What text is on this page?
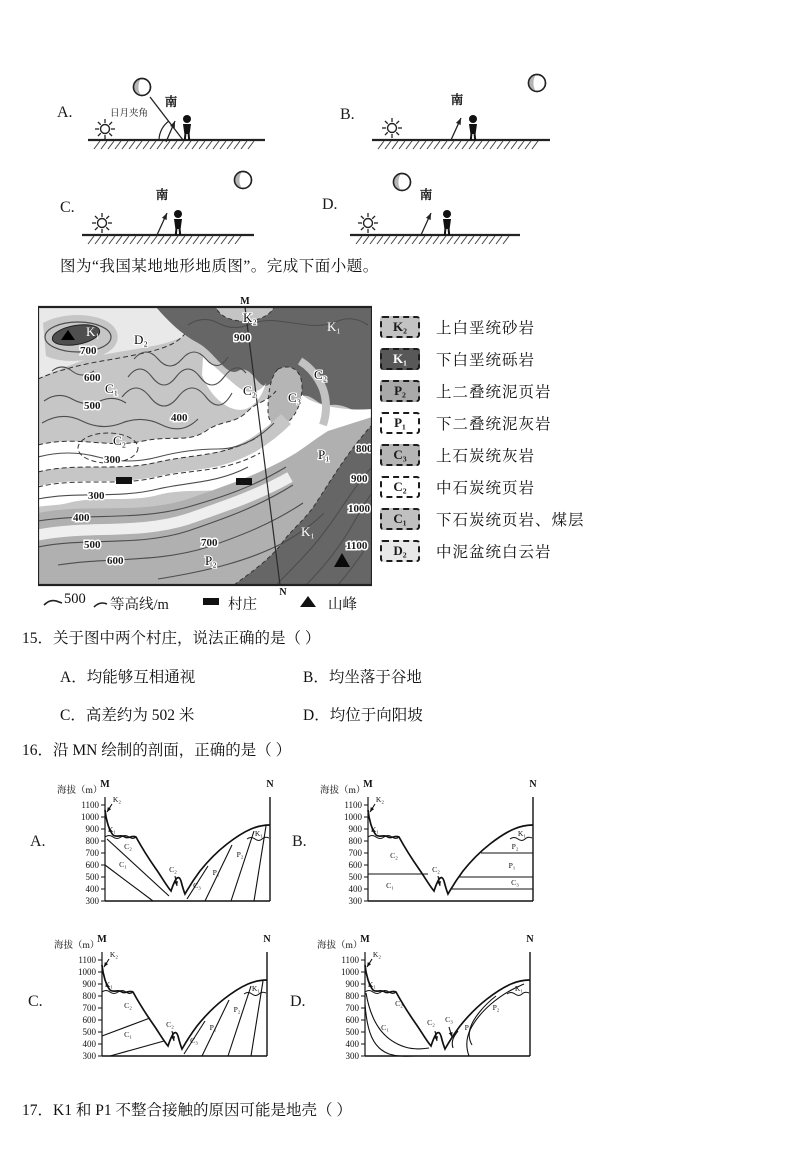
A.	日月夹角
南
B.
南
C.
南
D.
南
图为“我国某地地形地质图”。完成下面小题。
M
700
600
500
400
300
300
400
500
600
700
900
800
900
1000
1100
K₁
D₂
C₁
C₂
C₂ C₃
C₂
P₁
P₂
K₂
K₁
K₁
N
K₂	上白垩统砂岩
K₁	下白垩统砾岩
P₂	上二叠统泥页岩
P₁	下二叠统泥灰岩
C₃	上石炭统灰岩
C₂	中石炭统页岩
C₁	下石炭统页岩、煤层
D₂	中泥盆统白云岩
500 等高线/m	村庄	山峰
15．关于图中两个村庄，说法正确的是（ ）
A．均能够互相通视	B．均坐落于谷地
C．高差约为 502 米	D．均位于向阳坡
16．沿 MN 绘制的剖面，正确的是（ ）
A.
海拔（m）
M	N
1100
1000
900
800
700
600
500
400
300
K₂
K₁
C₂
C₁
C₂
C₃
P₁
P₂
K₁ B.
海拔（m）
M	N
1100
1000
900
800
700
600
500
400
300
K₂
K₁
C₂
C₁
C₂
P₂
P₁
C₃
K₁
C.
海拔（m）
M	N
1100
1000
900
800
700
600
500
400
300
K₂
K₁
C₂
C₁
C₂
C₃
P₁
P₂
K₁
D.
海拔（m）
M	N
1100
1000
900
800
700
600
500
400
300
K₂
K₁
C₂
C₁
C₂ C₃
P₁
P₂
K₁
17．K1 和 P1 不整合接触的原因可能是地壳（ ）
